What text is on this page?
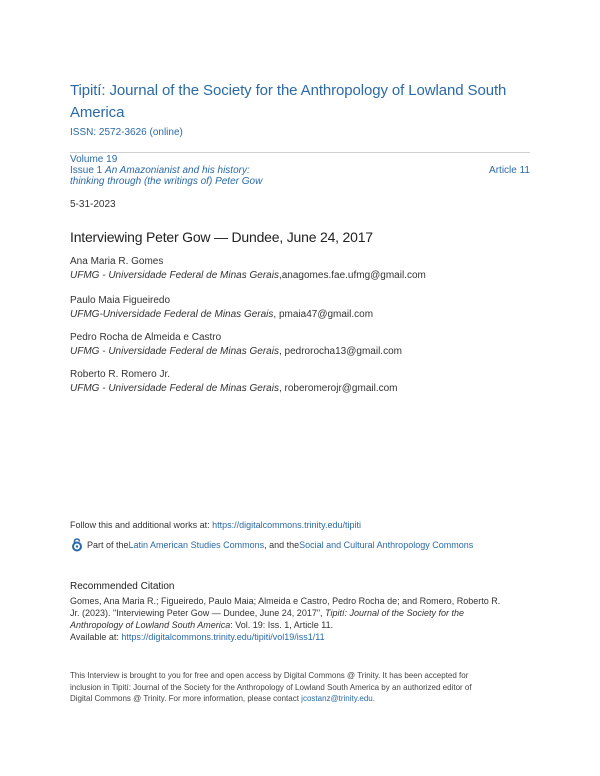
Tipití: Journal of the Society for the Anthropology of Lowland South America
ISSN: 2572-3626 (online)
Volume 19
Issue 1 An Amazonianist and his history:
thinking through (the writings of) Peter Gow
Article 11
5-31-2023
Interviewing Peter Gow — Dundee, June 24, 2017
Ana Maria R. Gomes
UFMG - Universidade Federal de Minas Gerais,anagomes.fae.ufmg@gmail.com
Paulo Maia Figueiredo
UFMG-Universidade Federal de Minas Gerais, pmaia47@gmail.com
Pedro Rocha de Almeida e Castro
UFMG - Universidade Federal de Minas Gerais, pedrorocha13@gmail.com
Roberto R. Romero Jr.
UFMG - Universidade Federal de Minas Gerais, roberomerojr@gmail.com
Follow this and additional works at: https://digitalcommons.trinity.edu/tipiti
Part of the Latin American Studies Commons , and the Social and Cultural Anthropology Commons
Recommended Citation
Gomes, Ana Maria R.; Figueiredo, Paulo Maia; Almeida e Castro, Pedro Rocha de; and Romero, Roberto R.
Jr. (2023). "Interviewing Peter Gow — Dundee, June 24, 2017", Tipití: Journal of the Society for the
Anthropology of Lowland South America: Vol. 19: Iss. 1, Article 11.
Available at: https://digitalcommons.trinity.edu/tipiti/vol19/iss1/11
This Interview is brought to you for free and open access by Digital Commons @ Trinity. It has been accepted for
inclusion in Tipití: Journal of the Society for the Anthropology of Lowland South America by an authorized editor of
Digital Commons @ Trinity. For more information, please contact jcostanz@trinity.edu.
